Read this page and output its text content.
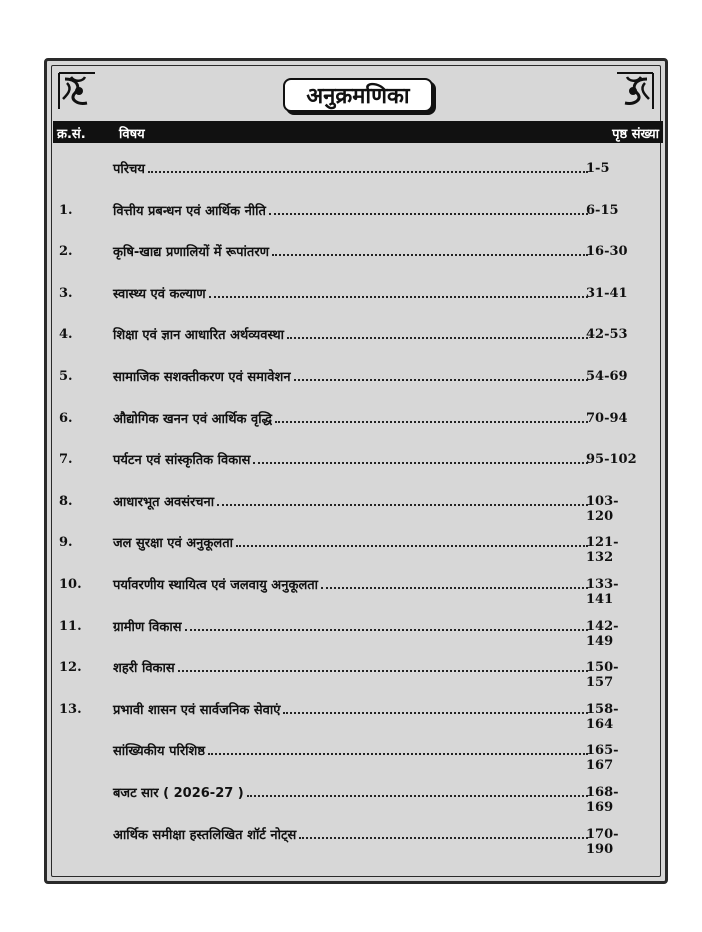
अनुक्रमणिका
क्र.सं.	विषय	पृष्ठ संख्या
परिचय	1-5
1.	वित्तीय प्रबन्धन एवं आर्थिक नीति	6-15
2.	कृषि-खाद्य प्रणालियों में रूपांतरण	16-30
3.	स्वास्थ्य एवं कल्याण	31-41
4.	शिक्षा एवं ज्ञान आधारित अर्थव्यवस्था	42-53
5.	सामाजिक सशक्तीकरण एवं समावेशन	54-69
6.	औद्योगिक खनन एवं आर्थिक वृद्धि	70-94
7.	पर्यटन एवं सांस्कृतिक विकास	95-102
8.	आधारभूत अवसंरचना	103-120
9.	जल सुरक्षा एवं अनुकूलता	121-132
10. पर्यावरणीय स्थायित्व एवं जलवायु अनुकूलता	133-141
11. ग्रामीण विकास	142-149
12. शहरी विकास	150-157
13. प्रभावी शासन एवं सार्वजनिक सेवाएं	158-164
सांख्यिकीय परिशिष्ठ	165-167
बजट सार ( 2026-27 )	168-169
आर्थिक समीक्षा हस्तलिखित शॉर्ट नोट्स	170-190
